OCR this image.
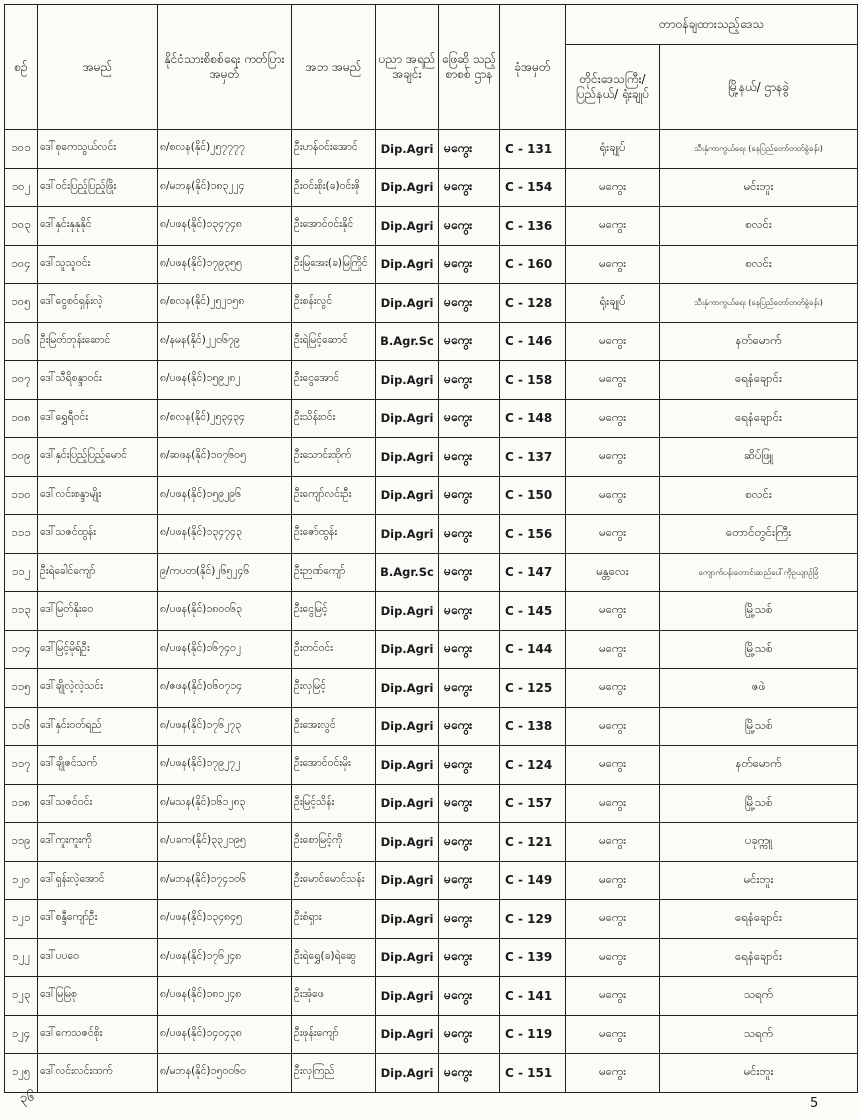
စဉ်	အမည်	နိုင်ငံသားစိစစ်ရေး ကတ်ပြားအမှတ်	အဘ အမည်	ပညာ အရည် အချင်း	ဖြေဆို သည့် စာစစ် ဌာန	ခုံအမှတ်	တာဝန်ချထားသည့်ဒေသ	
							တိုင်းဒေသကြီး/ ပြည်နယ်/ ရုံးချုပ်	မြို့နယ်/ ဌာနခွဲ
၁၀၁	ဒေါ်စုကေသွယ်လင်း	၈/စလန(နိုင်)၂၅၇၇၇၇	ဦးဟန်ဝင်းအောင်	Dip.Agri	မကွေး	C - 131	ရုံးချုပ်	သီးနှံကာကွယ်ရေး (နေပြည်တော်တတ်ခွဲခန်း)
၁၀၂	ဒေါ်ဝင်းပြည့်ပြည့်ဖြိုး	၈/မဘန(နိုင်)၁၈၃၂၂၄	ဦးဝင်းစိုး(ခ)ဝင်းဇို	Dip.Agri	မကွေး	C - 154	မကွေး	မင်းဘူး
၁၀၃	ဒေါ်နှင်းနုနုနိုင်	၈/ပဖန(နိုင်)၁၃၄၇၄၈	ဦးအောင်ဝင်းနိုင်	Dip.Agri	မကွေး	C - 136	မကွေး	စလင်း
၁၀၄	ဒေါ်သူသူဝင်း	၈/ပဖန(နိုင်)၁၇၉၃၅၅	ဦးမြအေး(ခ)မြကြိုင်	Dip.Agri	မကွေး	C - 160	မကွေး	စလင်း
၁၀၅	ဒေါ်ငွေစင်ရှန်းလဲ့	၈/စလန(နိုင်)၂၅၂၁၅၈	ဦးစန်းလွင်	Dip.Agri	မကွေး	C - 128	ရုံးချုပ်	သီးနှံကာကွယ်ရေး (နေပြည်တော်တတ်ခွဲခန်း)
၁၀၆	ဦးမြတ်ဘုန်းဆောင်	၈/နမန(နိုင်)၂၂၀၆၇၉	ဦးရဲမြင့်ဆောင်	B.Agr.Sc	မကွေး	C - 146	မကွေး	နတ်မောက်
၁၀၇	ဒေါ်သီရိစန္ဒာဝင်း	၈/ပဖန(နိုင်)၁၅၉၂၈၂	ဦးငွေအောင်	Dip.Agri	မကွေး	C - 158	မကွေး	ရေနံချောင်း
၁၀၈	ဒေါ်ရွှေရီဝင်း	၈/စလန(နိုင်)၂၅၃၄၃၄	ဦးသိန်းဝင်း	Dip.Agri	မကွေး	C - 148	မကွေး	ရေနံချောင်း
၁၀၉	ဒေါ်နှင်းပြည့်ပြည့်မောင်	၈/ဆဖန(နိုင်)၁၀၇၆၀၅	ဦးသောင်းထိုက်	Dip.Agri	မကွေး	C - 137	မကွေး	ဆိပ်ဖြူ
၁၁၀	ဒေါ်လင်းစန္ဒာမျိုး	၈/ပဖန(နိုင်)၁၅၉၂၉၆	ဦးကျော်လင်းဦး	Dip.Agri	မကွေး	C - 150	မကွေး	စလင်း
၁၁၁	ဒေါ်သဇင်ထွန်း	၈/ပဖန(နိုင်)၁၃၄၇၄၃	ဦးဇော်ထွန်း	Dip.Agri	မကွေး	C - 156	မကွေး	တောင်တွင်းကြီး
၁၁၂	ဦးရဲခေါင်ကျော်	၉/ကပတ(နိုင်)၂၆၅၂၄၆	ဦးဉာဏ်ကျော်	B.Agr.Sc	မကွေး	C - 147	မန္တလေး	ကျောက်ပန်းတောင်းဆည်ပေါ်ကိုဥယျာဉ်ခြံ
၁၁၃	ဒေါ်မြတ်နိုးဝေ	၈/ပဖန(နိုင်)၁၈၀၀၆၃	ဦးငွေမြင့်	Dip.Agri	မကွေး	C - 145	မကွေး	မြို့သစ်
၁၁၄	ဒေါ်မြင့်မိုရ်ဦး	၈/ပဖန(နိုင်)၁၆၇၄၀၂	ဦးတင်ဝင်း	Dip.Agri	မကွေး	C - 144	မကွေး	မြို့သစ်
၁၁၅	ဒေါ်ချိုလဲ့လဲ့သင်း	၈/ဇဖန(နိုင်)၀၆၀၇၁၄	ဦးလှမြင့်	Dip.Agri	မကွေး	C - 125	မကွေး	ဇဖဲ
၁၁၆	ဒေါ်နှင်းဝတ်ရည်	၈/ပဖန(နိုင်)၁၇၆၂၇၃	ဦးအေးလွင်	Dip.Agri	မကွေး	C - 138	မကွေး	မြို့သစ်
၁၁၇	ဒေါ်ချိုဇင်သက်	၈/ပဖန(နိုင်)၁၇၉၂၇၂	ဦးအောင်ဝင်းမိုး	Dip.Agri	မကွေး	C - 124	မကွေး	နတ်မောက်
၁၁၈	ဒေါ်သဇင်ဝင်း	၈/မသန(နိုင်)၁၆၁၂၈၃	ဦးမြင့်သိန်း	Dip.Agri	မကွေး	C - 157	မကွေး	မြို့သစ်
၁၁၉	ဒေါ်ကူးကူးကို	၈/ပခက(နိုင်)၃၃၂၁၉၅	ဦးစောမြင့်ကို	Dip.Agri	မကွေး	C - 121	မကွေး	ပခုက္ကူ
၁၂၀	ဒေါ်ရှန်းလဲ့အောင်	၈/မဘန(နိုင်)၁၇၄၁၀၆	ဦးမောင်မောင်သန်း	Dip.Agri	မကွေး	C - 149	မကွေး	မင်းဘူး
၁၂၁	ဒေါ်စန္ဒီကျော်ဦး	၈/ပဖန(နိုင်)၁၃၄၈၄၅	ဦးစံရှား	Dip.Agri	မကွေး	C - 129	မကွေး	ရေနံချောင်း
၁၂၂	ဒေါ်ပပဝေ	၈/ပဖန(နိုင်)၁၇၆၂၄၈	ဦးရဲရွှေ(ခ)ရဲဆွေ	Dip.Agri	မကွေး	C - 139	မကွေး	ရေနံချောင်း
၁၂၃	ဒေါ်မြမြစု	၈/ပဖန(နိုင်)၁၈၁၂၄၈	ဦးအုံဖေ	Dip.Agri	မကွေး	C - 141	မကွေး	သရက်
၁၂၄	ဒေါ်ကေသဇင်စိုး	၈/ပဖန(နိုင်)၁၄၀၄၃၈	ဦးဖုန်းကျော်	Dip.Agri	မကွေး	C - 119	မကွေး	သရက်
၁၂၅	ဒေါ်လင်းလင်းထက်	၈/မဘန(နိုင်)၁၅၀၀၆၀	ဦးလှကြည်	Dip.Agri	မကွေး	C - 151	မကွေး	မင်းဘူး
၃၆	5
